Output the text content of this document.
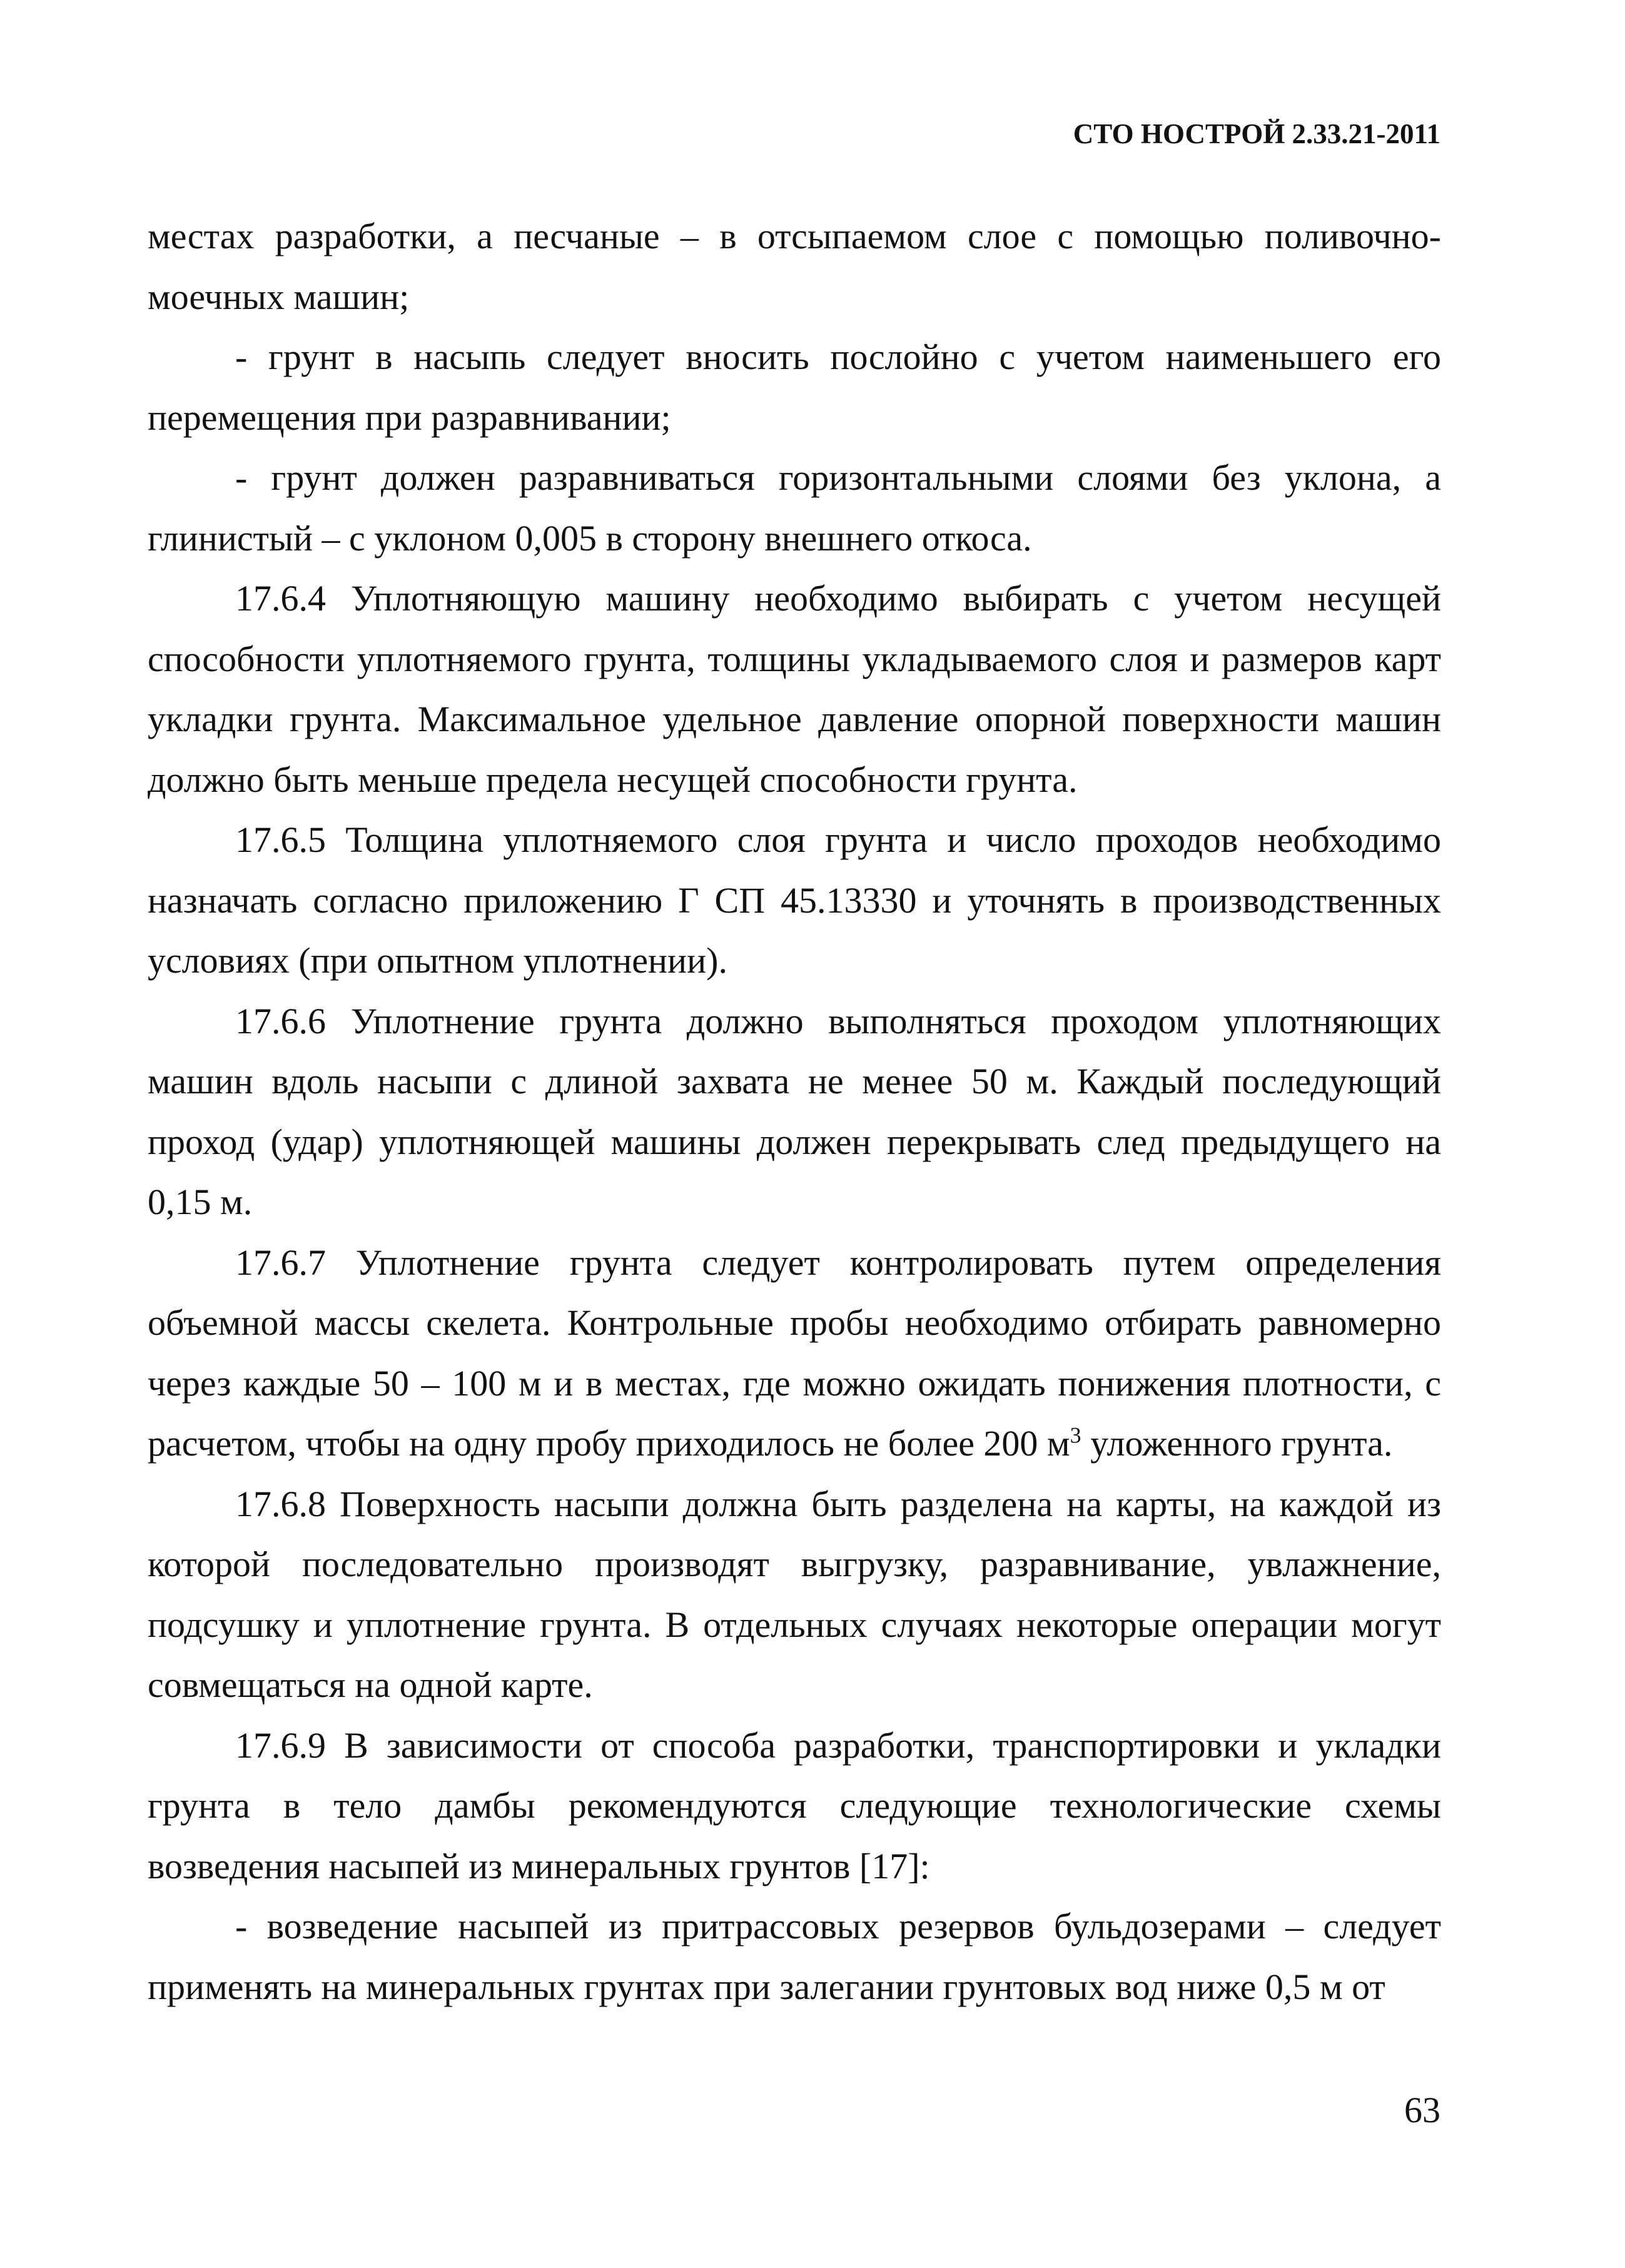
СТО НОСТРОЙ 2.33.21-2011

местах разработки, а песчаные – в отсыпаемом слое с помощью поливочно-моечных машин;

- грунт в насыпь следует вносить послойно с учетом наименьшего его перемещения при разравнивании;

- грунт должен разравниваться горизонтальными слоями без уклона, а глинистый – с уклоном 0,005 в сторону внешнего откоса.

17.6.4 Уплотняющую машину необходимо выбирать с учетом несущей способности уплотняемого грунта, толщины укладываемого слоя и размеров карт укладки грунта. Максимальное удельное давление опорной поверхности машин должно быть меньше предела несущей способности грунта.

17.6.5 Толщина уплотняемого слоя грунта и число проходов необходимо назначать согласно приложению Г СП 45.13330 и уточнять в производственных условиях (при опытном уплотнении).

17.6.6 Уплотнение грунта должно выполняться проходом уплотняющих машин вдоль насыпи с длиной захвата не менее 50 м. Каждый последующий проход (удар) уплотняющей машины должен перекрывать след предыдущего на 0,15 м.

17.6.7 Уплотнение грунта следует контролировать путем определения объемной массы скелета. Контрольные пробы необходимо отбирать равномерно через каждые 50 – 100 м и в местах, где можно ожидать понижения плотности, с расчетом, чтобы на одну пробу приходилось не более 200 $м^3$ уложенного грунта.

17.6.8 Поверхность насыпи должна быть разделена на карты, на каждой из которой последовательно производят выгрузку, разравнивание, увлажнение, подсушку и уплотнение грунта. В отдельных случаях некоторые операции могут совмещаться на одной карте.

17.6.9 В зависимости от способа разработки, транспортировки и укладки грунта в тело дамбы рекомендуются следующие технологические схемы возведения насыпей из минеральных грунтов [17]:

- возведение насыпей из притрассовых резервов бульдозерами – следует применять на минеральных грунтах при залегании грунтовых вод ниже 0,5 м от

63
